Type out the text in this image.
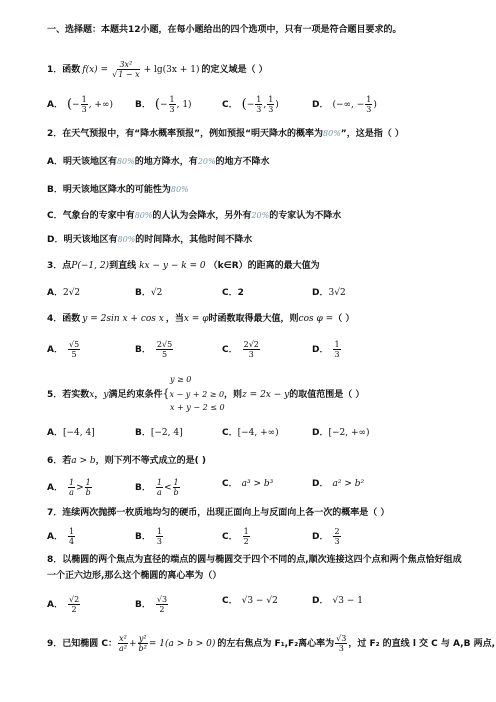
一、选择题：本题共12小题，在每小题给出的四个选项中，只有一项是符合题目要求的。
1．函数 $f(x) = \frac{\text{3x²}}{√1 - x} + \lg(3x + 1)$ 的定义域是（ ）
A． ( − $\frac{1}{3}$ , +∞) B． ( − $\frac{1}{3}$ , 1)	C． ( − $\frac{1}{3}$ , $\frac{1}{3}$ )	D． (−∞, − $\frac{1}{3}$ )
2．在天气预报中，有“降水概率预报”，例如预报“明天降水的概率为80%”，这是指（ ）
A．明天该地区有80%的地方降水，有20%的地方不降水
B．明天该地区降水的可能性为80%
C．气象台的专家中有80%的人认为会降水，另外有20%的专家认为不降水
D．明天该地区有80%的时间降水，其他时间不降水
3．点P(−1, 2)到直线 kx − y − k = 0 （k∈R）的距离的最大值为
A． 2√2	B． √2	C．2	D． 3√2
4．函数 y = 2sin x + cos x ，当x = φ时函数取得最大值，则cos φ =（ ）
A． $\frac{√5}{5}$	B． $\frac{2√5}{5}$	C． $\frac{2√2}{3}$	D． $\frac{1}{3}$
y ≥ 0
5．若实数x，y满足约束条件{x − y + 2 ≥ 0，则z = 2x − y的取值范围是（ ）
x + y − 2 ≤ 0
A． [−4, 4]	B． [−2, 4]	C． [−4, +∞)	D． [−2, +∞)
6．若a > b，则下列不等式成立的是( )
A． $\frac{1}{a} > \frac{1}{b}$	B． $\frac{1}{a} < \frac{1}{b}$	C． a³ > b³	D． a² > b²
7．连续两次抛掷一枚质地均匀的硬币，出现正面向上与反面向上各一次的概率是（ ）
A． $\frac{1}{4}$	B． $\frac{1}{3}$	C． $\frac{1}{2}$	D． $\frac{2}{3}$
8．以椭圆的两个焦点为直径的端点的圆与椭圆交于四个不同的点,顺次连接这四个点和两个焦点恰好组成
一个正六边形,那么这个椭圆的离心率为（）
A． $\frac{√2}{2}$	B． $\frac{√3}{2}$	C． √3 − √2	D． √3 − 1
9．已知椭圆 C： $\frac{\text{x²}}{\text{a²}} + \frac{\text{y²}}{\text{b²}} = 1(a > b > 0)$ 的左右焦点为 F₁,F₂离心率为 $\frac{√3}{3}$ ，过 F₂ 的直线 l 交 C 与 A,B 两点,
